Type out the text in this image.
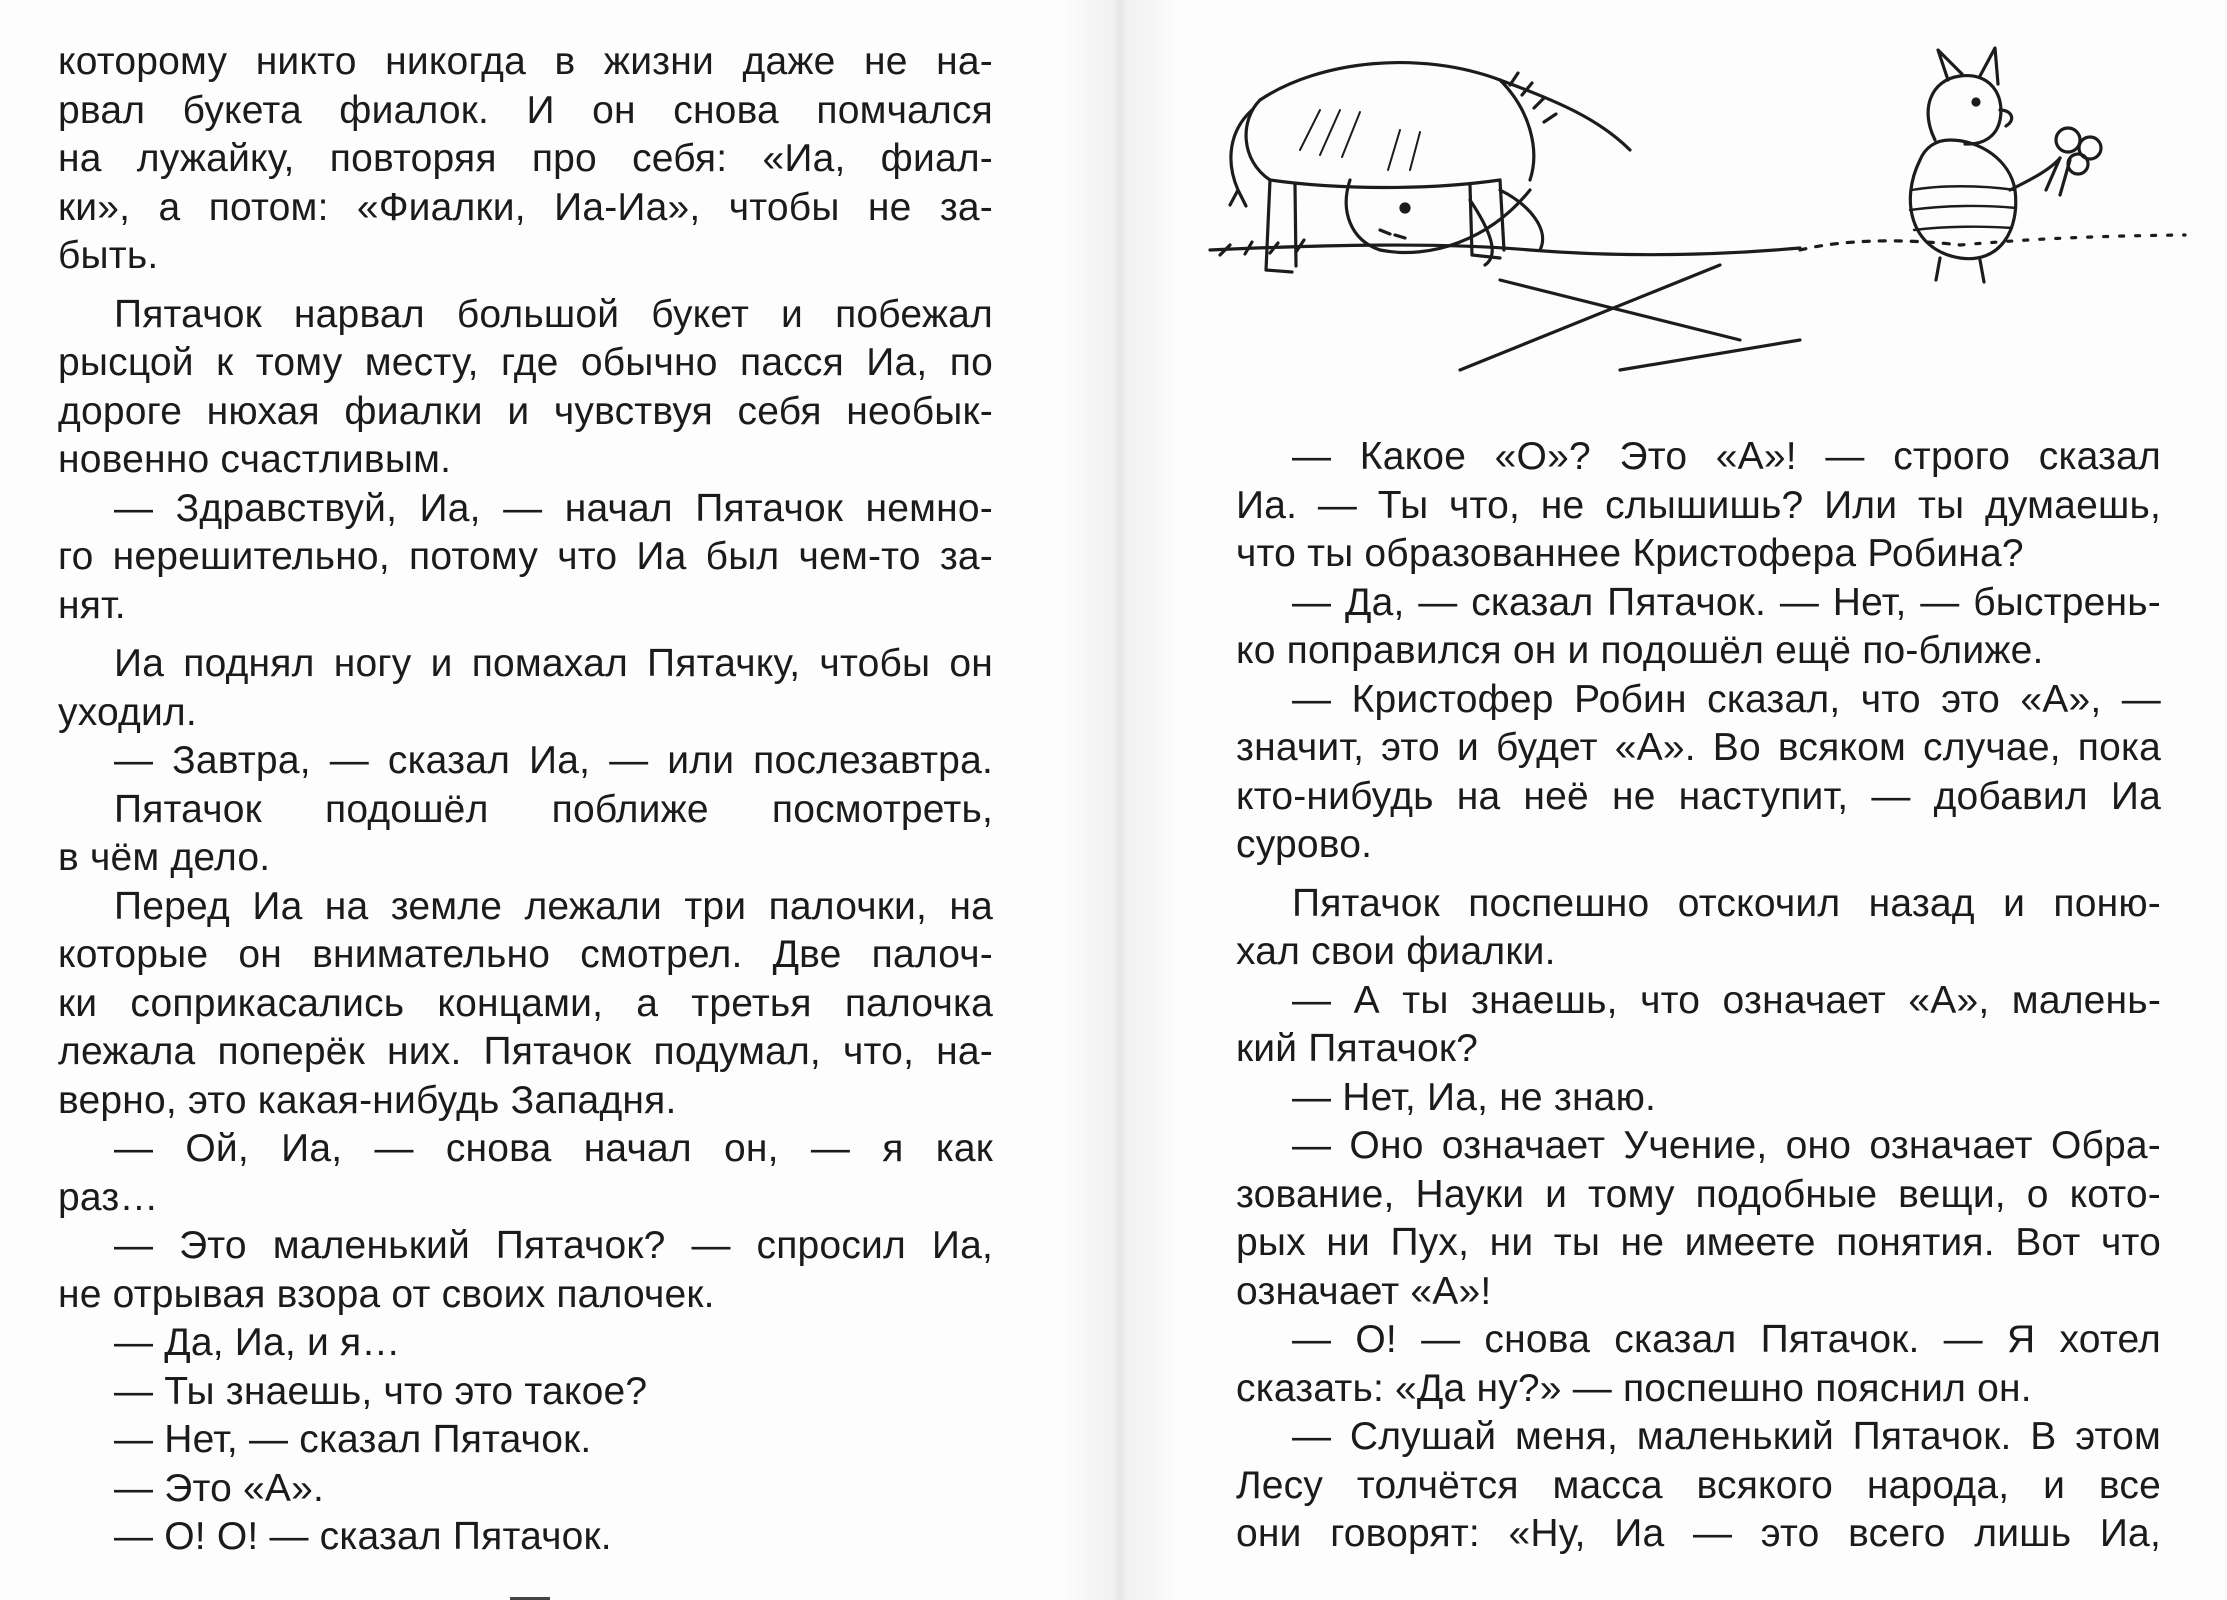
которому никто никогда в жизни даже не на-
рвал букета фиалок. И он снова помчался
на лужайку, повторяя про себя: «Иа, фиал-
ки», а потом: «Фиалки, Иа-Иа», чтобы не за-
быть.
Пятачок нарвал большой букет и побежал
рысцой к тому месту, где обычно пасся Иа, по
дороге нюхая фиалки и чувствуя себя необык-
новенно счастливым.
— Здравствуй, Иа, — начал Пятачок немно-
го нерешительно, потому что Иа был чем-то за-
нят.
Иа поднял ногу и помахал Пятачку, чтобы он
уходил.
— Завтра, — сказал Иа, — или послезавтра.
Пятачок подошёл поближе посмотреть,
в чём дело.
Перед Иа на земле лежали три палочки, на
которые он внимательно смотрел. Две палоч-
ки соприкасались концами, а третья палочка
лежала поперёк них. Пятачок подумал, что, на-
верно, это какая-нибудь Западня.
— Ой, Иа, — снова начал он, — я как
раз…
— Это маленький Пятачок? — спросил Иа,
не отрывая взора от своих палочек.
— Да, Иа, и я…
— Ты знаешь, что это такое?
— Нет, — сказал Пятачок.
— Это «А».
— О! О! — сказал Пятачок.
— Какое «О»? Это «А»! — строго сказал
Иа. — Ты что, не слышишь? Или ты думаешь,
что ты образованнее Кристофера Робина?
— Да, — сказал Пятачок. — Нет, — быстрень-
ко поправился он и подошёл ещё по-ближе.
— Кристофер Робин сказал, что это «А», —
значит, это и будет «А». Во всяком случае, пока
кто-нибудь на неё не наступит, — добавил Иа
сурово.
Пятачок поспешно отскочил назад и поню-
хал свои фиалки.
— А ты знаешь, что означает «А», малень-
кий Пятачок?
— Нет, Иа, не знаю.
— Оно означает Учение, оно означает Обра-
зование, Науки и тому подобные вещи, о кото-
рых ни Пух, ни ты не имеете понятия. Вот что
означает «А»!
— О! — снова сказал Пятачок. — Я хотел
сказать: «Да ну?» — поспешно пояснил он.
— Слушай меня, маленький Пятачок. В этом
Лесу толчётся масса всякого народа, и все
они говорят: «Ну, Иа — это всего лишь Иа,
